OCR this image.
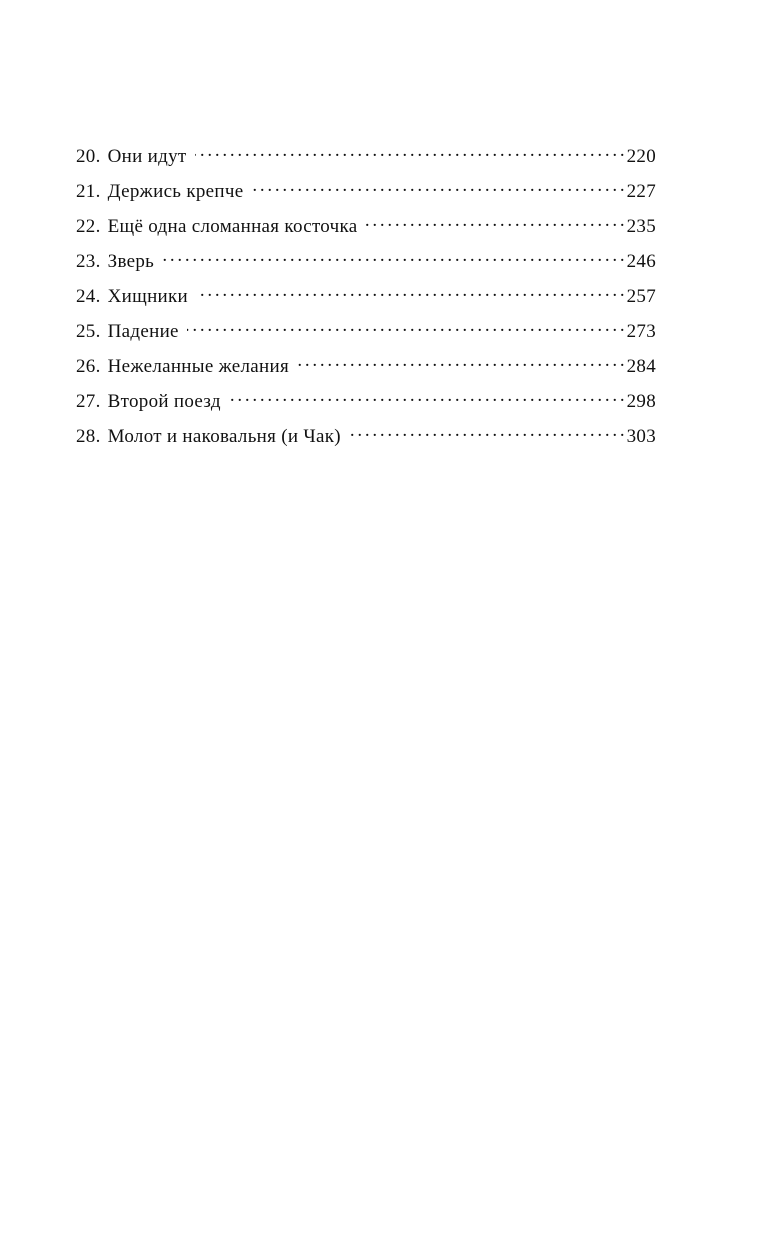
20. Они идут . . .	220
21. Держись крепче . . .	227
22. Ещё одна сломанная косточка . . .	235
23. Зверь . . .	246
24. Хищники . . .	257
25. Падение . . .	273
26. Нежеланные желания . . .	284
27. Второй поезд . . .	298
28. Молот и наковальня (и Чак) . . .	303
